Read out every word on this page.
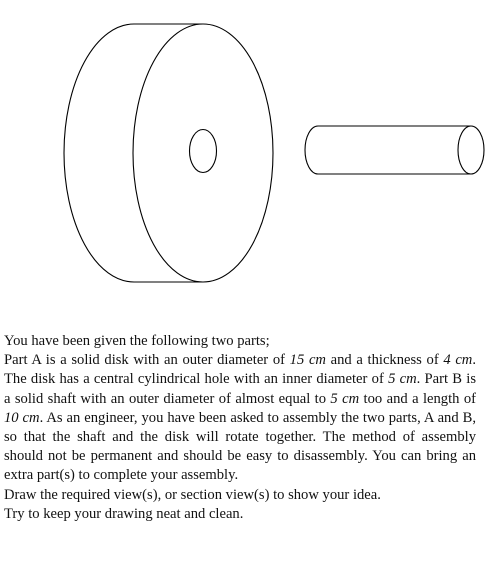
You have been given the following two parts;

Part A is a solid disk with an outer diameter of 15 cm and a thickness of 4 cm. The disk has a central cylindrical hole with an inner diameter of 5 cm. Part B is a solid shaft with an outer diameter of almost equal to 5 cm too and a length of 10 cm. As an engineer, you have been asked to assembly the two parts, A and B, so that the shaft and the disk will rotate together. The method of assembly should not be permanent and should be easy to disassembly. You can bring an extra part(s) to complete your assembly.

Draw the required view(s), or section view(s) to show your idea.

Try to keep your drawing neat and clean.
